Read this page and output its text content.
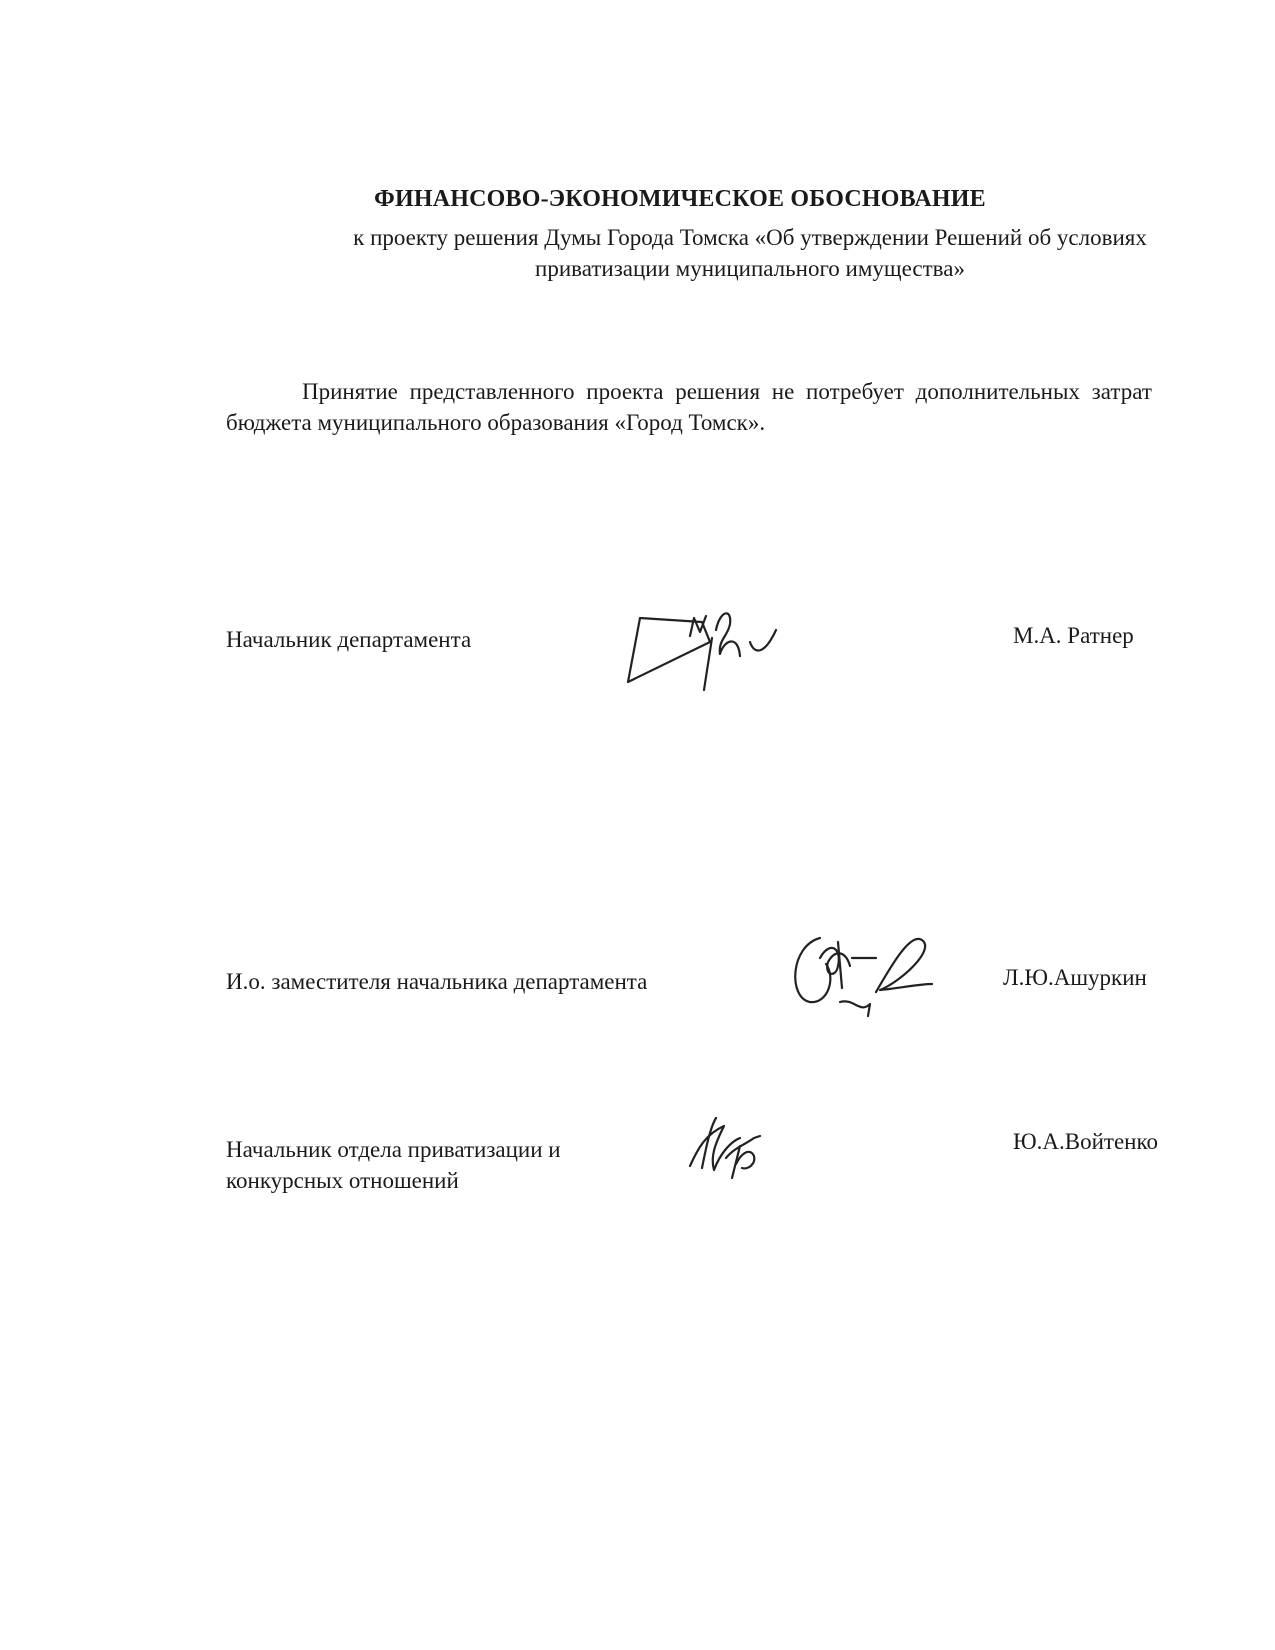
ФИНАНСОВО-ЭКОНОМИЧЕСКОЕ ОБОСНОВАНИЕ
к проекту решения Думы Города Томска «Об утверждении Решений об условиях
приватизации муниципального имущества»
Принятие представленного проекта решения не потребует дополнительных затрат
бюджета муниципального образования «Город Томск».
Начальник департамента	М.А. Ратнер
И.о. заместителя начальника департамента	Л.Ю.Ашуркин
Начальник отдела приватизации и
конкурсных отношений
Ю.А.Войтенко
